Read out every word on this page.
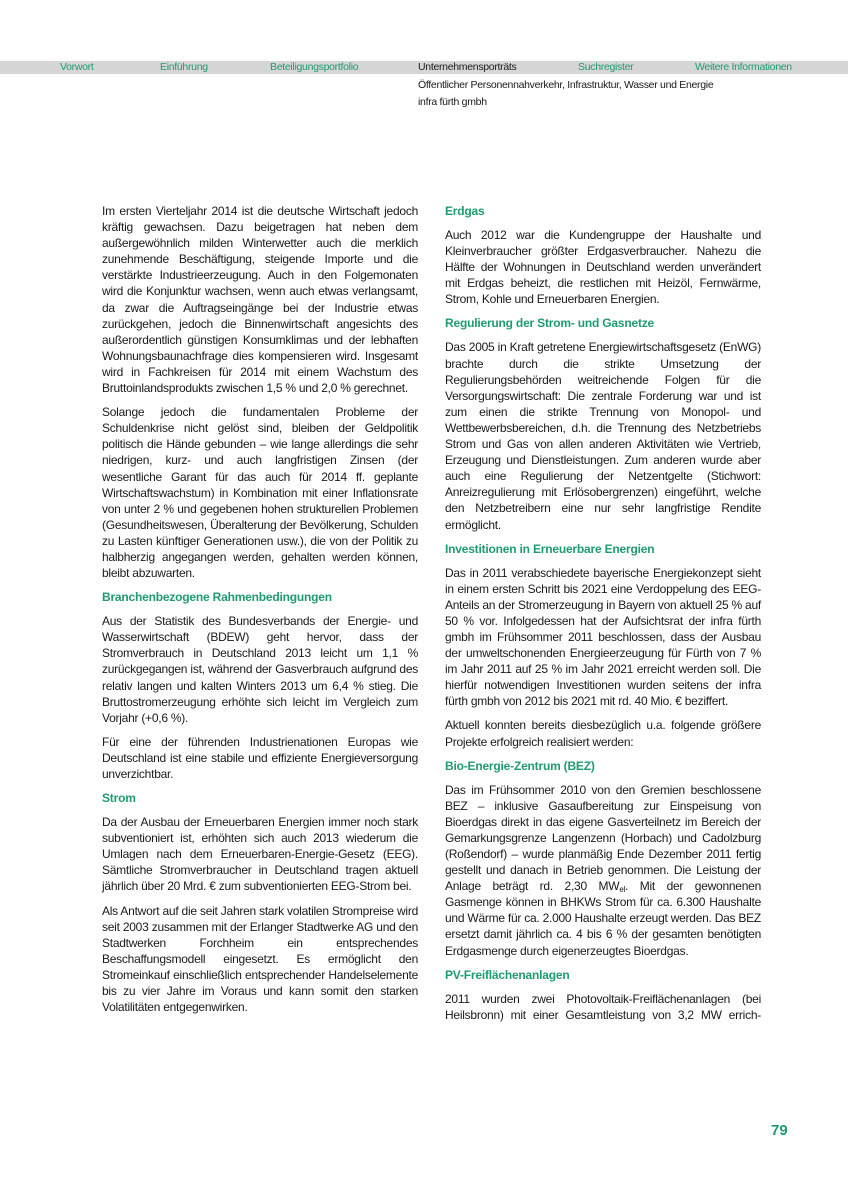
Vorwort	Einführung	Beteiligungsportfolio	Unternehmensporträts	Suchregister	Weitere Informationen
Öffentlicher Personennahverkehr, Infrastruktur, Wasser und Energie
infra fürth gmbh

Im ersten Vierteljahr 2014 ist die deutsche Wirtschaft jedoch kräftig gewachsen. Dazu beigetragen hat neben dem außergewöhnlich milden Winterwetter auch die merklich zunehmende Beschäftigung, steigende Importe und die verstärkte Industrieerzeugung. Auch in den Folgemonaten wird die Konjunktur wachsen, wenn auch etwas verlangsamt, da zwar die Auftragseingänge bei der Industrie etwas zurückgehen, jedoch die Binnenwirtschaft angesichts des außerordentlich günstigen Konsumklimas und der lebhaften Wohnungsbaunachfrage dies kompensieren wird. Insgesamt wird in Fachkreisen für 2014 mit einem Wachstum des Bruttoinlandsprodukts zwischen 1,5 % und 2,0 % gerechnet.

Solange jedoch die fundamentalen Probleme der Schuldenkrise nicht gelöst sind, bleiben der Geldpolitik politisch die Hände gebunden – wie lange allerdings die sehr niedrigen, kurz- und auch langfristigen Zinsen (der wesentliche Garant für das auch für 2014 ff. geplante Wirtschaftswachstum) in Kombination mit einer Inflationsrate von unter 2 % und gegebenen hohen strukturellen Problemen (Gesundheitswesen, Überalterung der Bevölkerung, Schulden zu Lasten künftiger Generationen usw.), die von der Politik zu halbherzig angegangen werden, gehalten werden können, bleibt abzuwarten.

Branchenbezogene Rahmenbedingungen

Aus der Statistik des Bundesverbands der Energie- und Wasserwirtschaft (BDEW) geht hervor, dass der Stromverbrauch in Deutschland 2013 leicht um 1,1 % zurückgegangen ist, während der Gasverbrauch aufgrund des relativ langen und kalten Winters 2013 um 6,4 % stieg. Die Bruttostromerzeugung erhöhte sich leicht im Vergleich zum Vorjahr (+0,6 %).

Für eine der führenden Industrienationen Europas wie Deutschland ist eine stabile und effiziente Energieversorgung unverzichtbar.

Strom

Da der Ausbau der Erneuerbaren Energien immer noch stark subventioniert ist, erhöhten sich auch 2013 wiederum die Umlagen nach dem Erneuerbaren-Energie-Gesetz (EEG). Sämtliche Stromverbraucher in Deutschland tragen aktuell jährlich über 20 Mrd. € zum subventionierten EEG-Strom bei.

Als Antwort auf die seit Jahren stark volatilen Strompreise wird seit 2003 zusammen mit der Erlanger Stadtwerke AG und den Stadtwerken Forchheim ein entsprechendes Beschaffungsmodell eingesetzt. Es ermöglicht den Stromeinkauf einschließlich entsprechender Handelselemente bis zu vier Jahre im Voraus und kann somit den starken Volatilitäten entgegenwirken.

Erdgas

Auch 2012 war die Kundengruppe der Haushalte und Kleinverbraucher größter Erdgasverbraucher. Nahezu die Hälfte der Wohnungen in Deutschland werden unverändert mit Erdgas beheizt, die restlichen mit Heizöl, Fernwärme, Strom, Kohle und Erneuerbaren Energien.

Regulierung der Strom- und Gasnetze

Das 2005 in Kraft getretene Energiewirtschaftsgesetz (EnWG) brachte durch die strikte Umsetzung der Regulierungsbehörden weitreichende Folgen für die Versorgungswirtschaft: Die zentrale Forderung war und ist zum einen die strikte Trennung von Monopol- und Wettbewerbsbereichen, d.h. die Trennung des Netzbetriebs Strom und Gas von allen anderen Aktivitäten wie Vertrieb, Erzeugung und Dienstleistungen. Zum anderen wurde aber auch eine Regulierung der Netzentgelte (Stichwort: Anreizregulierung mit Erlösobergrenzen) eingeführt, welche den Netzbetreibern eine nur sehr langfristige Rendite ermöglicht.

Investitionen in Erneuerbare Energien

Das in 2011 verabschiedete bayerische Energiekonzept sieht in einem ersten Schritt bis 2021 eine Verdoppelung des EEG-Anteils an der Stromerzeugung in Bayern von aktuell 25 % auf 50 % vor. Infolgedessen hat der Aufsichtsrat der infra fürth gmbh im Frühsommer 2011 beschlossen, dass der Ausbau der umweltschonenden Energieerzeugung für Fürth von 7 % im Jahr 2011 auf 25 % im Jahr 2021 erreicht werden soll. Die hierfür notwendigen Investitionen wurden seitens der infra fürth gmbh von 2012 bis 2021 mit rd. 40 Mio. € beziffert.

Aktuell konnten bereits diesbezüglich u.a. folgende größere Projekte erfolgreich realisiert werden:

Bio-Energie-Zentrum (BEZ)

Das im Frühsommer 2010 von den Gremien beschlossene BEZ – inklusive Gasaufbereitung zur Einspeisung von Bioerdgas direkt in das eigene Gasverteilnetz im Bereich der Gemarkungsgrenze Langenzenn (Horbach) und Cadolzburg (Roßendorf) – wurde planmäßig Ende Dezember 2011 fertig gestellt und danach in Betrieb genommen. Die Leistung der Anlage beträgt rd. 2,30 $MW_{el}$. Mit der gewonnenen Gasmenge können in BHKWs Strom für ca. 6.300 Haushalte und Wärme für ca. 2.000 Haushalte erzeugt werden. Das BEZ ersetzt damit jährlich ca. 4 bis 6 % der gesamten benötigten Erdgasmenge durch eigenerzeugtes Bioerdgas.

PV-Freiflächenanlagen

2011 wurden zwei Photovoltaik-Freiflächenanlagen (bei Heilsbronn) mit einer Gesamtleistung von 3,2 MW errich-

79
